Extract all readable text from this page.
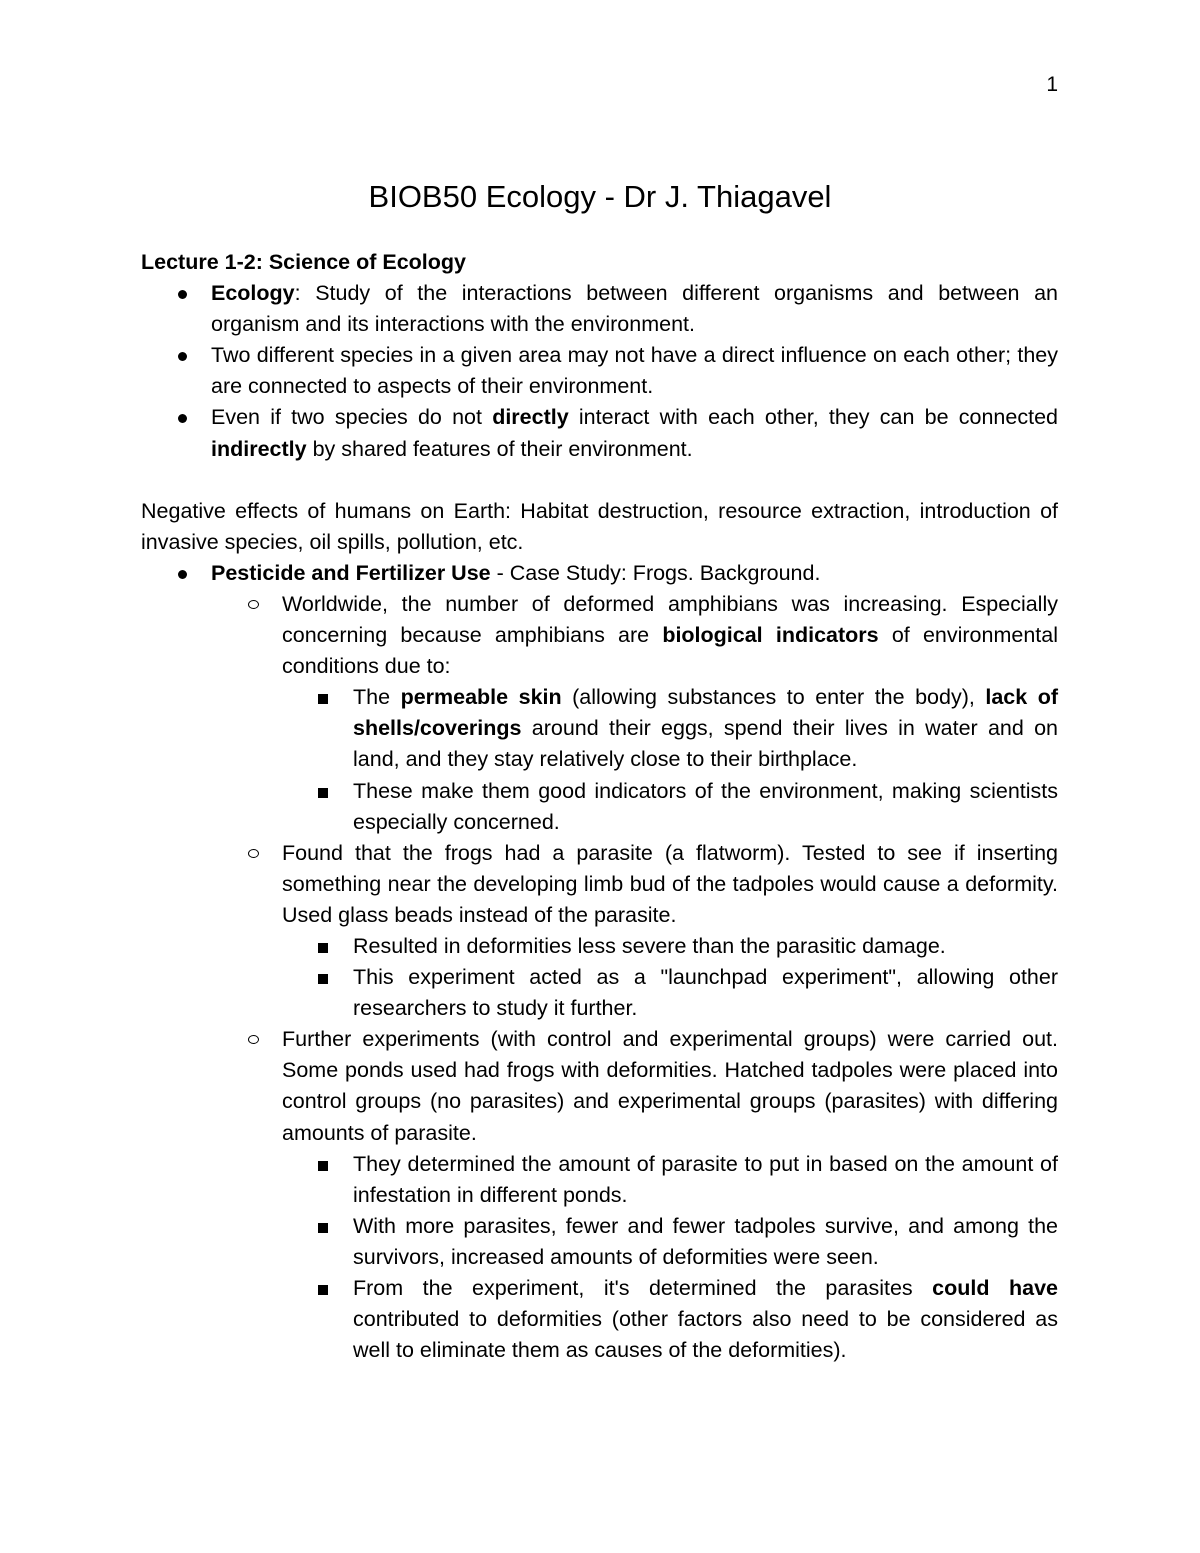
1
BIOB50 Ecology - Dr J. Thiagavel

Lecture 1-2: Science of Ecology

Ecology: Study of the interactions between different organisms and between an organism and its interactions with the environment.
Two different species in a given area may not have a direct influence on each other; they are connected to aspects of their environment.
Even if two species do not directly interact with each other, they can be connected indirectly by shared features of their environment.

Negative effects of humans on Earth: Habitat destruction, resource extraction, introduction of invasive species, oil spills, pollution, etc.

Pesticide and Fertilizer Use - Case Study: Frogs. Background.
Worldwide, the number of deformed amphibians was increasing. Especially concerning because amphibians are biological indicators of environmental conditions due to:
The permeable skin (allowing substances to enter the body), lack of shells/coverings around their eggs, spend their lives in water and on land, and they stay relatively close to their birthplace.
These make them good indicators of the environment, making scientists especially concerned.
Found that the frogs had a parasite (a flatworm). Tested to see if inserting something near the developing limb bud of the tadpoles would cause a deformity. Used glass beads instead of the parasite.
Resulted in deformities less severe than the parasitic damage.
This experiment acted as a "launchpad experiment", allowing other researchers to study it further.
Further experiments (with control and experimental groups) were carried out. Some ponds used had frogs with deformities. Hatched tadpoles were placed into control groups (no parasites) and experimental groups (parasites) with differing amounts of parasite.
They determined the amount of parasite to put in based on the amount of infestation in different ponds.
With more parasites, fewer and fewer tadpoles survive, and among the survivors, increased amounts of deformities were seen.
From the experiment, it's determined the parasites could have contributed to deformities (other factors also need to be considered as well to eliminate them as causes of the deformities).
